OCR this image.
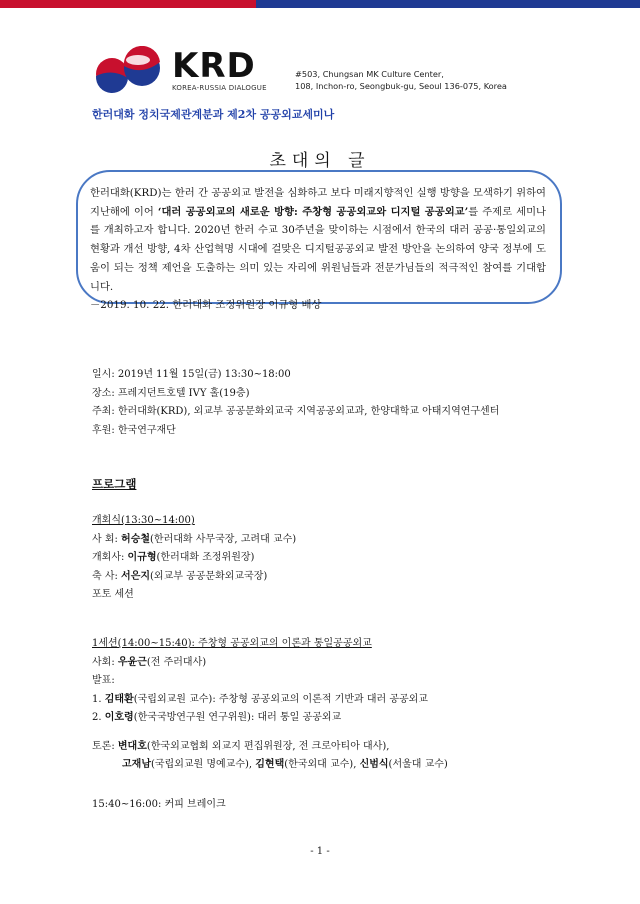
KRD
KOREA-RUSSIA DIALOGUE
#503, Chungsan MK Culture Center,
108, Inchon-ro, Seongbuk-gu, Seoul 136-075, Korea
한러대화 정치국제관계분과 제2차 공공외교세미나
초대의 글
한러대화(KRD)는 한러 간 공공외교 발전을 심화하고 보다 미래지향적인 실행 방향을 모색하기 위하여 지난해에 이어 ‘대러 공공외교의 새로운 방향: 주창형 공공외교와 디지털 공공외교’를 주제로 세미나를 개최하고자 합니다. 2020년 한러 수교 30주년을 맞이하는 시점에서 한국의 대러 공공·통일외교의 현황과 개선 방향, 4차 산업혁명 시대에 걸맞은 디지털공공외교 발전 방안을 논의하여 양국 정부에 도움이 되는 정책 제언을 도출하는 의미 있는 자리에 위원님들과 전문가님들의 적극적인 참여를 기대합니다.
－2019. 10. 22. 한러대화 조정위원장 이규형 배상
일시: 2019년 11월 15일(금) 13:30~18:00
장소: 프레지던트호텔 IVY 홀(19층)
주최: 한러대화(KRD), 외교부 공공문화외교국 지역공공외교과, 한양대학교 아태지역연구센터
후원: 한국연구재단
프로그램
개회식(13:30~14:00)
사 회: 허승철(한러대화 사무국장, 고려대 교수)
개회사: 이규형(한러대화 조정위원장)
축 사: 서은지(외교부 공공문화외교국장)
포토 세션
1세션(14:00~15:40): 주창형 공공외교의 이론과 통일공공외교
사회: 우윤근(전 주러대사)
발표:
1. 김태환(국립외교원 교수): 주창형 공공외교의 이론적 기반과 대러 공공외교
2. 이호령(한국국방연구원 연구위원): 대러 통일 공공외교
토론: 변대호(한국외교협회 외교지 편집위원장, 전 크로아티아 대사),
고재남(국립외교원 명예교수), 김현택(한국외대 교수), 신범식(서울대 교수)
15:40~16:00: 커피 브레이크
- 1 -
